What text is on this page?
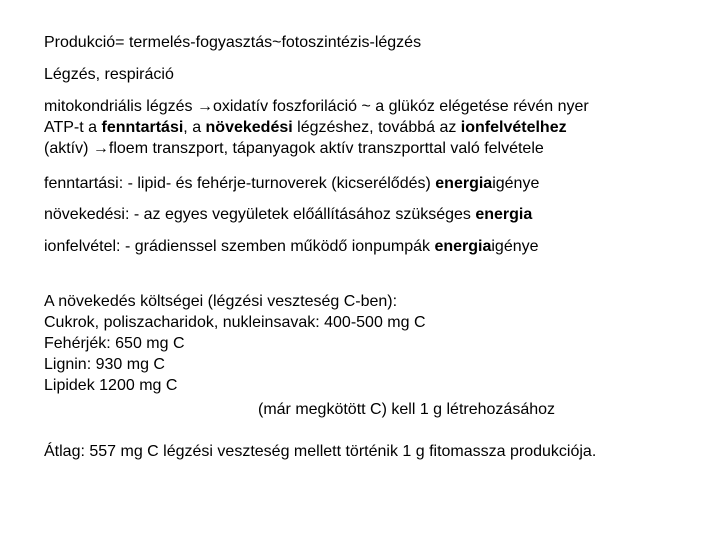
Produkció= termelés-fogyasztás~fotoszintézis-légzés
Légzés, respiráció
mitokondriális légzés →oxidatív foszforiláció ~ a glükóz elégetése révén nyer
ATP-t a fenntartási, a növekedési légzéshez, továbbá az ionfelvételhez
(aktív) →floem transzport, tápanyagok aktív transzporttal való felvétele
fenntartási: - lipid- és fehérje-turnoverek (kicserélődés) energiaigénye
növekedési: - az egyes vegyületek előállításához szükséges energia
ionfelvétel: - grádienssel szemben működő ionpumpák energiaigénye
A növekedés költségei (légzési veszteség C-ben):
Cukrok, poliszacharidok, nukleinsavak: 400-500 mg C
Fehérjék: 650 mg C
Lignin: 930 mg C
Lipidek 1200 mg C
(már megkötött C) kell 1 g létrehozásához
Átlag: 557 mg C légzési veszteség mellett történik 1 g fitomassza produkciója.
